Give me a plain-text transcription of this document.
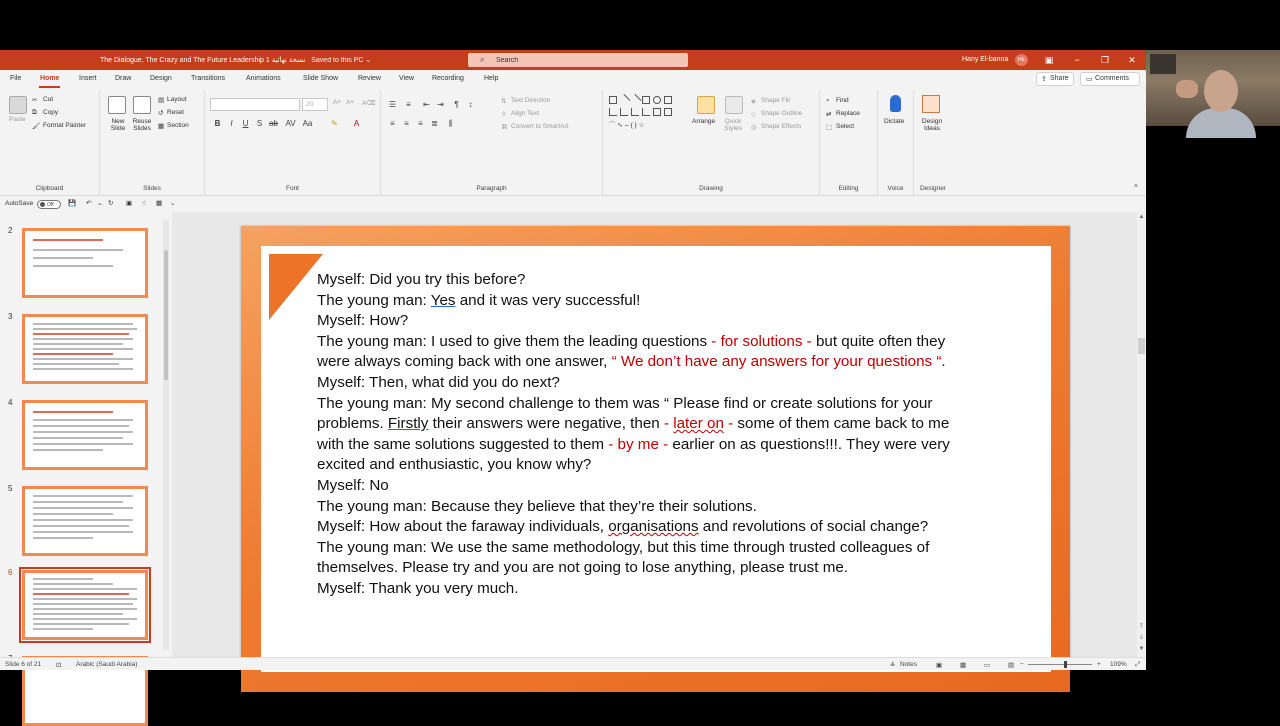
The Dialogue, The Crazy and The Future Leadership نسخة نهائية 1 Saved to this PC ⌄	⌕
Search	Hany El-banna	HE	▣	−	❐	✕
File	Home	Insert	Draw	Design	Transitions	Animations	Slide Show	Review	View	Recording	Help	⇪ Share ▭ Comments
Paste
✂ Cut
⧉ Copy
🖌 Format Painter
Clipboard
New Slide
Reuse Slides
▤ Layout
↺ Reset
▦ Section
Slides
20	A˄ A˅ A⌫
B	I	U	S ab AV Aa ✎	A
Font
☰	≡	⇤ ⇥	¶	↕
≡	≡	≡	≣	⫼
⇅ Text Direction
⇳ Align Text
⌘ Convert to SmartArt
Paragraph
⌒ ∿ ⌣ { } ☆
Arrange	Quick Styles
◈ Shape Fill
◇ Shape Outline
◎ Shape Effects
Drawing
⌕ Find
⇄ Replace
⬚ Select
Editing
Dictate
Voice
Design Ideas
Designer	˄
AutoSave	Off 💾 ↶ ⌄ ↻ ▣ ☝ ▦ ⌄
2
3
4
5
6
Myself: Did you try this before?
The young man: Yes and it was very successful!
Myself: How?
The young man: I used to give them the leading questions - for solutions - but quite often they were always coming back with one answer, “ We don’t have any answers for your questions “.
Myself: Then, what did you do next?
The young man: My second challenge to them was “ Please find or create solutions for your problems. Firstly their answers were negative, then - later on - some of them came back to me with the same solutions suggested to them - by me - earlier on as questions!!!. They were very excited and enthusiastic, you know why?
Myself: No
The young man: Because they believe that they’re their solutions.
Myself: How about the faraway individuals, organisations and revolutions of social change?
The young man: We use the same methodology, but this time through trusted colleagues of themselves. Please try and you are not going to lose anything, please trust me.
Myself: Thank you very much.
▲
⤒
⤓
▼
Slide 6 of 21 ⊡ Arabic (Saudi Arabia)	≜ Notes	▣	▦	▭	▤ −	+ 109% ⤢
